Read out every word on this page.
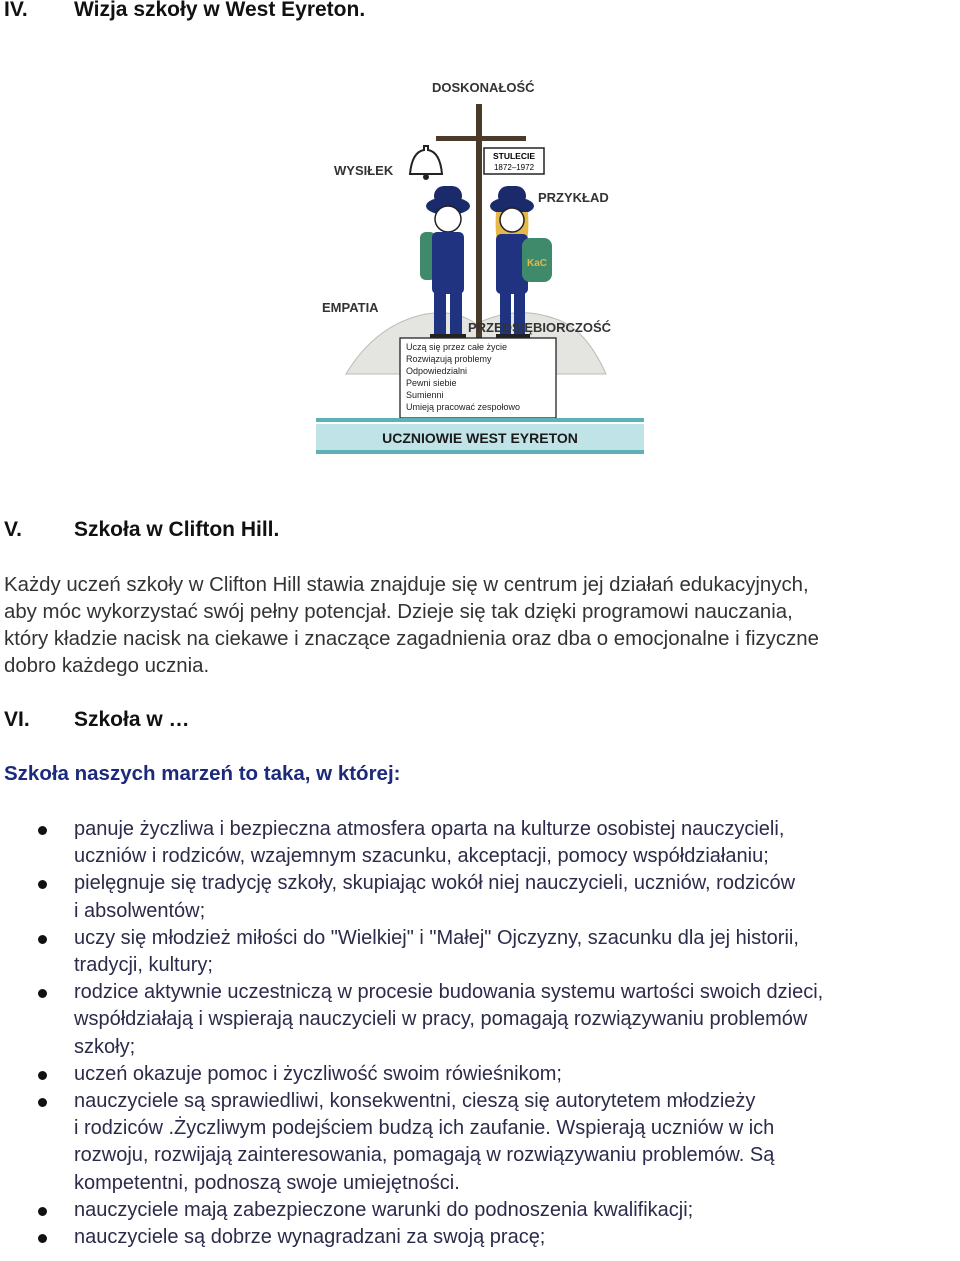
IV. Wizja szkoły w West Eyreton.
STULECIE
1872–1972
KaC
DOSKONAŁOŚĆ
WYSIŁEK
PRZYKŁAD
EMPATIA
PRZEDSIĘBIORCZOŚĆ
Uczą się przez całe życie
Rozwiązują problemy
Odpowiedzialni
Pewni siebie
Sumienni
Umieją pracować zespołowo
UCZNIOWIE WEST EYRETON
V. Szkoła w Clifton Hill.
Każdy uczeń szkoły w Clifton Hill stawia znajduje się w centrum jej działań edukacyjnych,
aby móc wykorzystać swój pełny potencjał. Dzieje się tak dzięki programowi nauczania,
który kładzie nacisk na ciekawe i znaczące zagadnienia oraz dba o emocjonalne i fizyczne
dobro każdego ucznia.
VI. Szkoła w …
Szkoła naszych marzeń to taka, w której:
panuje życzliwa i bezpieczna atmosfera oparta na kulturze osobistej nauczycieli,
uczniów i rodziców, wzajemnym szacunku, akceptacji, pomocy współdziałaniu;
pielęgnuje się tradycję szkoły, skupiając wokół niej nauczycieli, uczniów, rodziców
i absolwentów;
uczy się młodzież miłości do "Wielkiej" i "Małej" Ojczyzny, szacunku dla jej historii,
tradycji, kultury;
rodzice aktywnie uczestniczą w procesie budowania systemu wartości swoich dzieci,
współdziałają i wspierają nauczycieli w pracy, pomagają rozwiązywaniu problemów
szkoły;
uczeń okazuje pomoc i życzliwość swoim rówieśnikom;
nauczyciele są sprawiedliwi, konsekwentni, cieszą się autorytetem młodzieży
i rodziców .Życzliwym podejściem budzą ich zaufanie. Wspierają uczniów w ich
rozwoju, rozwijają zainteresowania, pomagają w rozwiązywaniu problemów. Są
kompetentni, podnoszą swoje umiejętności.
nauczyciele mają zabezpieczone warunki do podnoszenia kwalifikacji;
nauczyciele są dobrze wynagradzani za swoją pracę;
